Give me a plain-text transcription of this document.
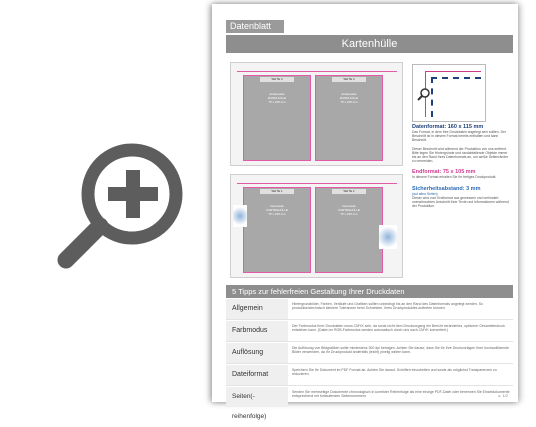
Datenblatt
Kartenhülle
SEITE 3
Außenseite
RANDHÜLLE
75 x 105 mm
SEITE 4
Außenseite
RANDHÜLLE
75 x 105 mm
SEITE 1
Innenseite
KARTENHÜLLE
75 x 105 mm
SEITE 2
Innenseite
KARTENHÜLLE
75 x 105 mm
Datenformat: 160 x 115 mm
Das Format, in dem Ihre Druckdaten angelegt sein sollten. Der Beschnitt ist in diesem Format bereits enthalten und kann Beschnitt.
Dieser Beschnitt wird während der Produktion von uns entfernt. Bitte legen Sie Hintergründe und randabfallende Objekte immer bis an den Rand Ihres Datenformats an, um weiße Seitenränder zu vermeiden.
Endformat: 75 x 105 mm
In diesem Format erhalten Sie Ihr fertiges Druckprodukt.
Sicherheitsabstand: 3 mm
(auf allen Seiten)
Dieser wird vom Endformat aus gemessen und verhindert unerwünschten Anschnitt Ihrer Texte und Informationen während der Produktion.
5 Tipps zur fehlerfreien Gestaltung Ihrer Druckdaten
Allgemein
Hintergrundbilder, Farben, Verläufe und Grafiken sollten unbedingt bis an den Rand des Datenformats angelegt werden. So produktionstechnisch kleinere Toleranzen beim Schneiden. Ihres Druckproduktes auftreten können.
Farbmodus
Der Farbmodus Ihrer Druckdaten muss CMYK sein, da sonst nicht dem Druckvorgang ein Bericht verändertes, optischer Gesamteindruck entstehen kann. (Daten im RGB-Farbmodus werden automatisch durch uns nach CMYK konvertiert.)
Auflösung
Die Auflösung von Bildgrafiken sollte mindestens 300 dpi betragen. Achten Sie darauf, dass Sie für Ihre Druckvorlagen ihrer hochauflösende Bilder verwenden, da Ihr Druckprodukt anderfalls (leicht) pixelig wirken kann.
Dateiformat
Speichern Sie Ihr Dokument im PDF Format ab. Achten Sie darauf, Schriften einzubetten und sowie als möglichst Transparenzen zu reduzieren.
Seiten(-reihenfolge)
Senden Sie mehrseitige Dokumente chronologisch in korrekter Reihenfolge als eine einzige PDF-Datei oder benennen Sie Einzeldokumente entsprechend mit fortlaufenden Seitennummern.	s. 1/2
